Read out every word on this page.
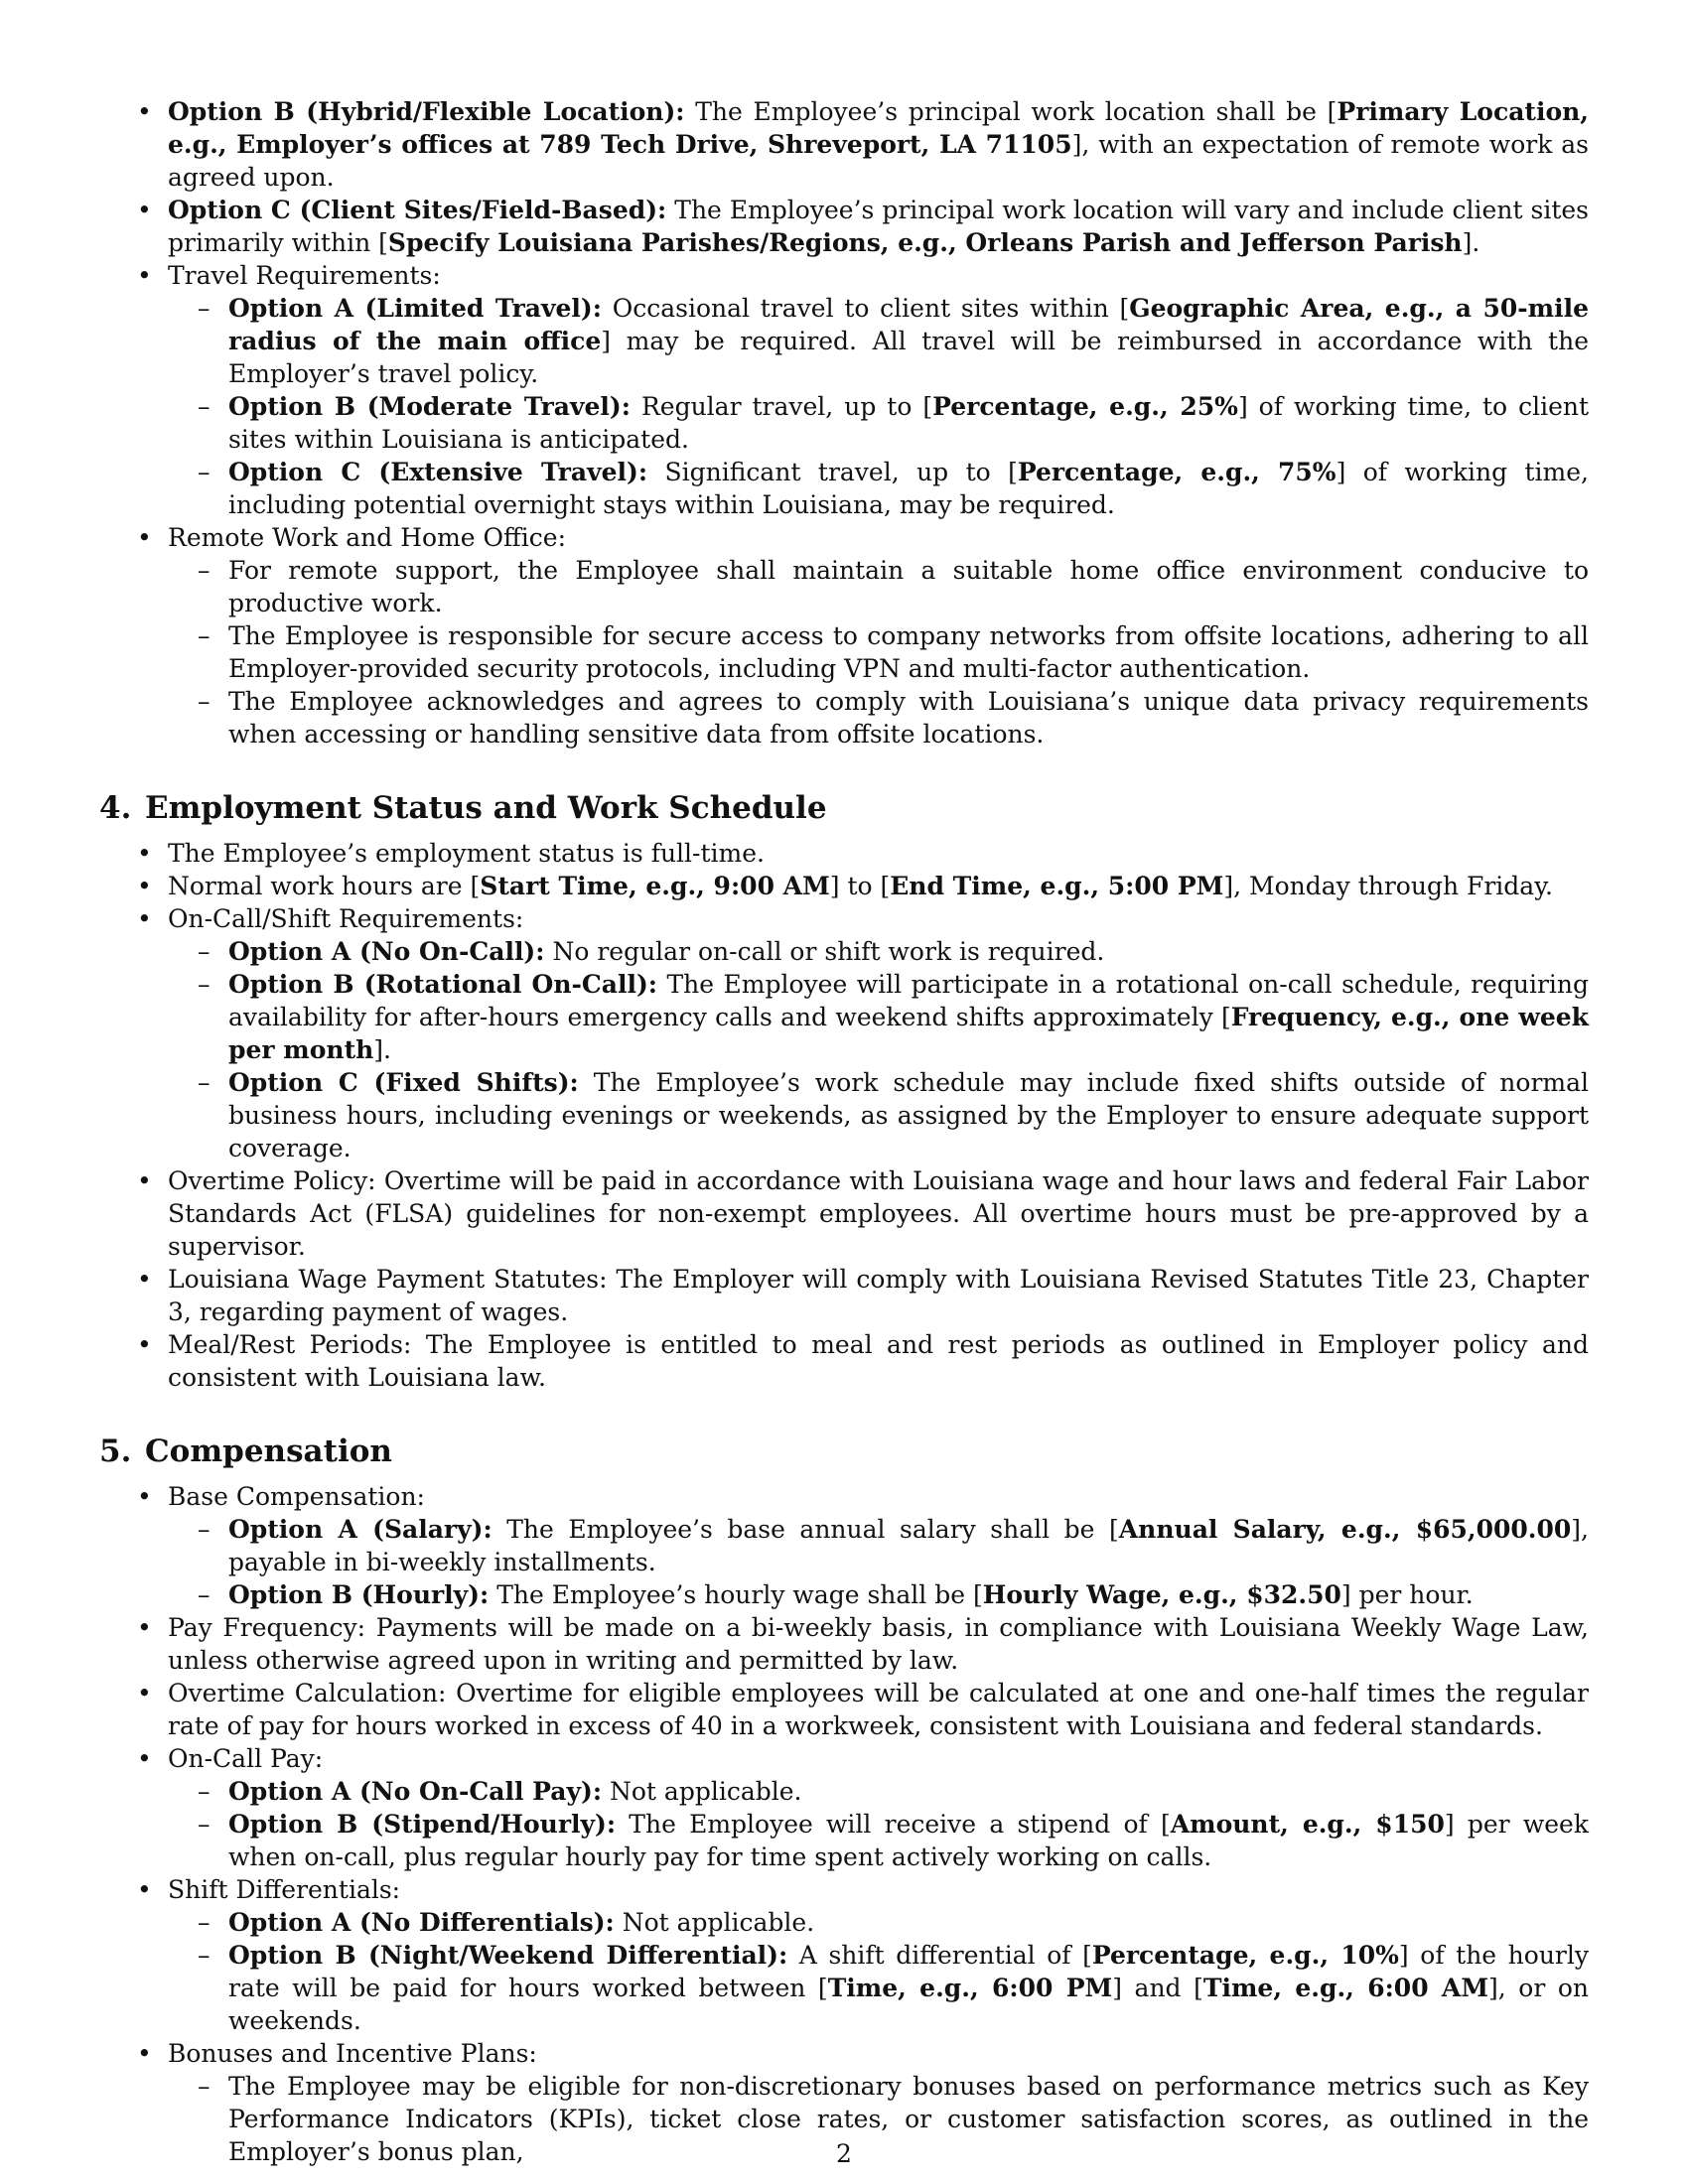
• Option B (Hybrid/Flexible Location): The Employee’s principal work location shall be [Primary Location, e.g., Employer’s offices at 789 Tech Drive, Shreveport, LA 71105], with an expectation of remote work as agreed upon.
• Option C (Client Sites/Field-Based): The Employee’s principal work location will vary and include client sites primarily within [Specify Louisiana Parishes/Regions, e.g., Orleans Parish and Jefferson Parish].
• Travel Requirements:
– Option A (Limited Travel): Occasional travel to client sites within [Geographic Area, e.g., a 50-mile radius of the main office] may be required. All travel will be reimbursed in accordance with the Employer’s travel policy.
– Option B (Moderate Travel): Regular travel, up to [Percentage, e.g., 25%] of working time, to client sites within Louisiana is anticipated.
– Option C (Extensive Travel): Significant travel, up to [Percentage, e.g., 75%] of working time, including potential overnight stays within Louisiana, may be required.
• Remote Work and Home Office:
– For remote support, the Employee shall maintain a suitable home office environment conducive to productive work.
– The Employee is responsible for secure access to company networks from offsite locations, adhering to all Employer-provided security protocols, including VPN and multi-factor authentication.
– The Employee acknowledges and agrees to comply with Louisiana’s unique data privacy requirements when accessing or handling sensitive data from offsite locations.
4. Employment Status and Work Schedule
• The Employee’s employment status is full-time.
• Normal work hours are [Start Time, e.g., 9:00 AM] to [End Time, e.g., 5:00 PM], Monday through Friday.
• On-Call/Shift Requirements:
– Option A (No On-Call): No regular on-call or shift work is required.
– Option B (Rotational On-Call): The Employee will participate in a rotational on-call schedule, requiring availability for after-hours emergency calls and weekend shifts approximately [Frequency, e.g., one week per month].
– Option C (Fixed Shifts): The Employee’s work schedule may include fixed shifts outside of normal business hours, including evenings or weekends, as assigned by the Employer to ensure adequate support coverage.
• Overtime Policy: Overtime will be paid in accordance with Louisiana wage and hour laws and federal Fair Labor Standards Act (FLSA) guidelines for non-exempt employees. All overtime hours must be pre-approved by a supervisor.
• Louisiana Wage Payment Statutes: The Employer will comply with Louisiana Revised Statutes Title 23, Chapter 3, regarding payment of wages.
• Meal/Rest Periods: The Employee is entitled to meal and rest periods as outlined in Employer policy and consistent with Louisiana law.
5. Compensation
• Base Compensation:
– Option A (Salary): The Employee’s base annual salary shall be [Annual Salary, e.g., $65,000.00], payable in bi-weekly installments.
– Option B (Hourly): The Employee’s hourly wage shall be [Hourly Wage, e.g., $32.50] per hour.
• Pay Frequency: Payments will be made on a bi-weekly basis, in compliance with Louisiana Weekly Wage Law, unless otherwise agreed upon in writing and permitted by law.
• Overtime Calculation: Overtime for eligible employees will be calculated at one and one-half times the regular rate of pay for hours worked in excess of 40 in a workweek, consistent with Louisiana and federal standards.
• On-Call Pay:
– Option A (No On-Call Pay): Not applicable.
– Option B (Stipend/Hourly): The Employee will receive a stipend of [Amount, e.g., $150] per week when on-call, plus regular hourly pay for time spent actively working on calls.
• Shift Differentials:
– Option A (No Differentials): Not applicable.
– Option B (Night/Weekend Differential): A shift differential of [Percentage, e.g., 10%] of the hourly rate will be paid for hours worked between [Time, e.g., 6:00 PM] and [Time, e.g., 6:00 AM], or on weekends.
• Bonuses and Incentive Plans:
– The Employee may be eligible for non-discretionary bonuses based on performance metrics such as Key Performance Indicators (KPIs), ticket close rates, or customer satisfaction scores, as outlined in the Employer’s bonus plan,	2
